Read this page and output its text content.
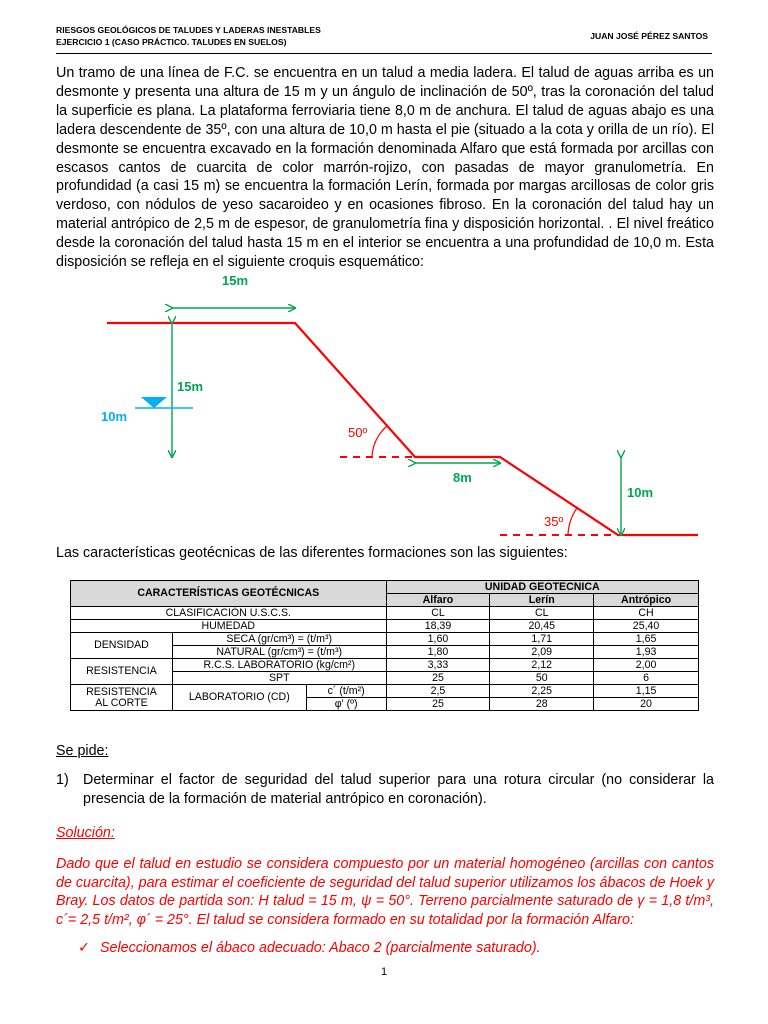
RIESGOS GEOLÓGICOS DE TALUDES Y LADERAS INESTABLES
EJERCICIO 1 (CASO PRÁCTICO. TALUDES EN SUELOS)
JUAN JOSÉ PÉREZ SANTOS
Un tramo de una línea de F.C. se encuentra en un talud a media ladera. El talud de aguas arriba es un desmonte y presenta una altura de 15 m y un ángulo de inclinación de 50º, tras la coronación del talud la superficie es plana. La plataforma ferroviaria tiene 8,0 m de anchura. El talud de aguas abajo es una ladera descendente de 35º, con una altura de 10,0 m hasta el pie (situado a la cota y orilla de un río). El desmonte se encuentra excavado en la formación denominada Alfaro que está formada por arcillas con escasos cantos de cuarcita de color marrón-rojizo, con pasadas de mayor granulometría. En profundidad (a casi 15 m) se encuentra la formación Lerín, formada por margas arcillosas de color gris verdoso, con nódulos de yeso sacaroideo y en ocasiones fibroso. En la coronación del talud hay un material antrópico de 2,5 m de espesor, de granulometría fina y disposición horizontal. . El nivel freático desde la coronación del talud hasta 15 m en el interior se encuentra a una profundidad de 10,0 m. Esta disposición se refleja en el siguiente croquis esquemático:
15m
15m
10m
50º
8m
10m
35º
Las características geotécnicas de las diferentes formaciones son las siguientes:
CARACTERÍSTICAS GEOTÉCNICAS			UNIDAD GEOTECNICA		
			Alfaro	Lerín	Antrópico
CLASIFICACIÓN U.S.C.S.			CL	CL	CH
HUMEDAD			18,39	20,45	25,40
DENSIDAD	SECA (gr/cm³) = (t/m³)		1,60	1,71	1,65
	NATURAL (gr/cm³) = (t/m³)		1,80	2,09	1,93
RESISTENCIA	R.C.S. LABORATORIO (kg/cm²)		3,33	2,12	2,00
	SPT		25	50	6

RESISTENCIA
AL CORTE	LABORATORIO (CD)	c´ (t/m²)	2,5	2,25	1,15
		φ' (º)	25	28	20
Se pide:
1) Determinar el factor de seguridad del talud superior para una rotura circular (no considerar la presencia de la formación de material antrópico en coronación).
Solución:
Dado que el talud en estudio se considera compuesto por un material homogéneo (arcillas con cantos de cuarcita), para estimar el coeficiente de seguridad del talud superior utilizamos los ábacos de Hoek y Bray. Los datos de partida son: H talud = 15 m, ψ = 50°. Terreno parcialmente saturado de γ = 1,8 t/m³, c´= 2,5 t/m², φ´ = 25°. El talud se considera formado en su totalidad por la formación Alfaro:
✓ Seleccionamos el ábaco adecuado: Abaco 2 (parcialmente saturado).
1
